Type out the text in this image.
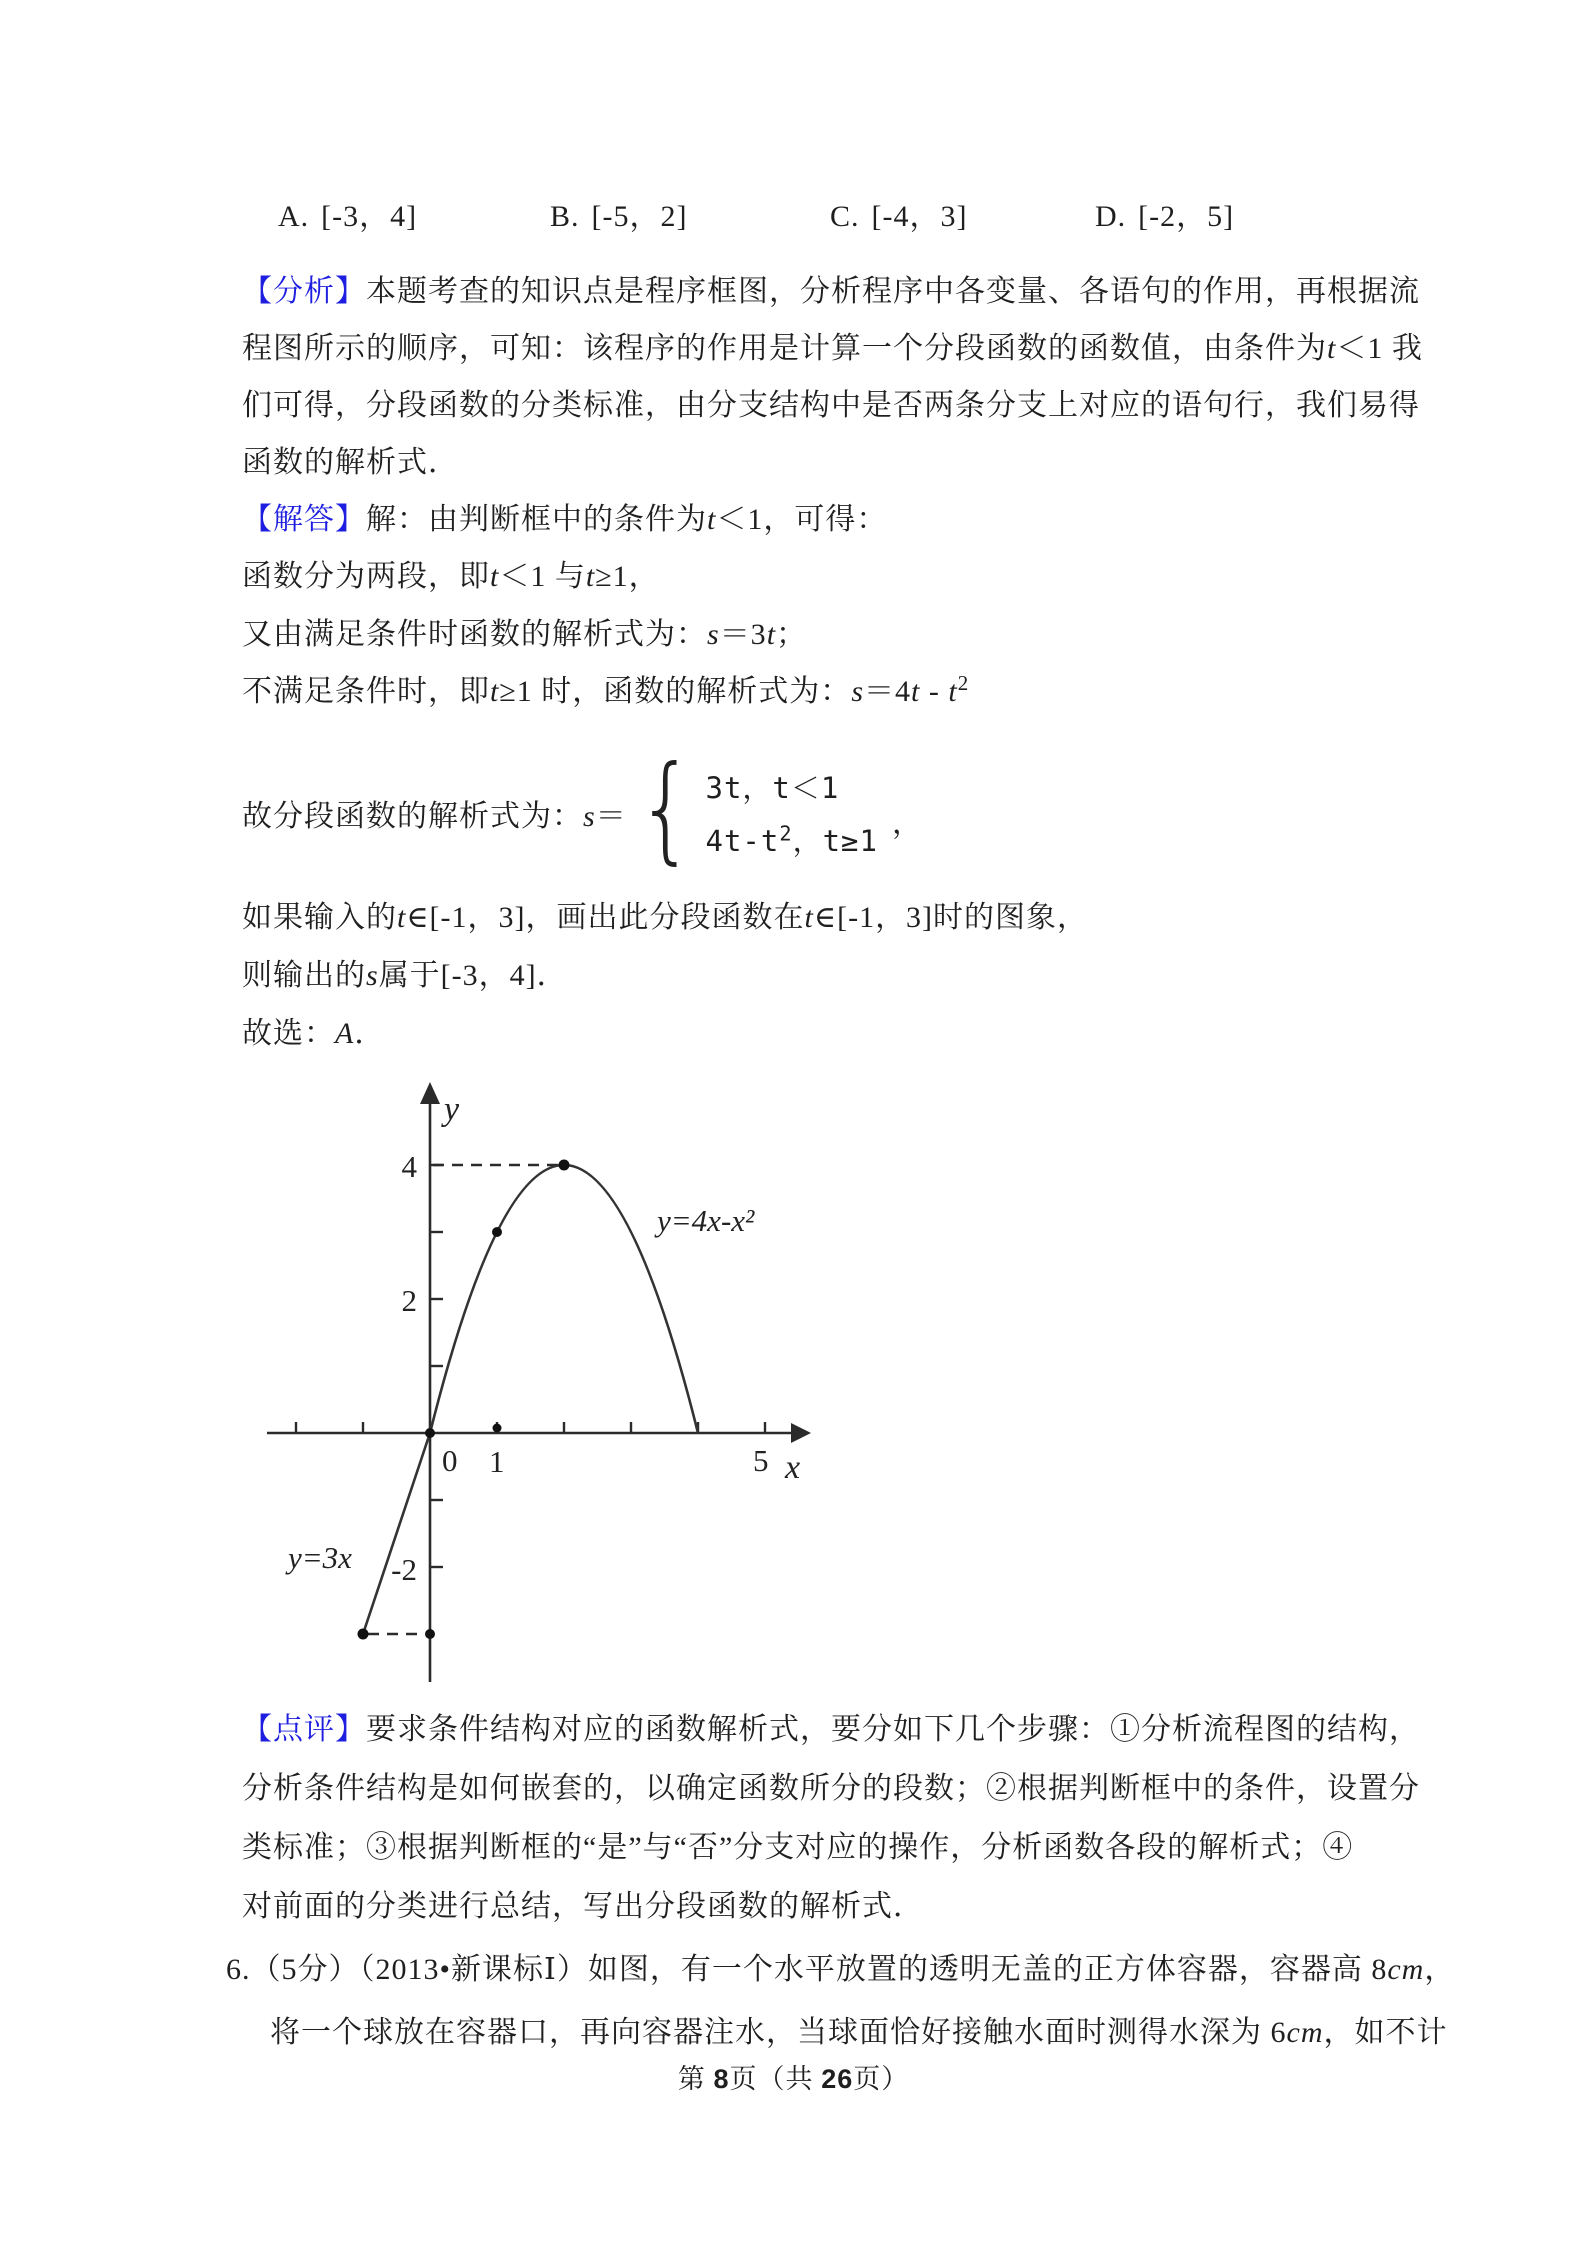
A. [-3，4]	B. [-5，2]	C. [-4，3]	D. [-2，5]
【分析】本题考查的知识点是程序框图，分析程序中各变量、各语句的作用，再根据流
程图所示的顺序，可知：该程序的作用是计算一个分段函数的函数值，由条件为t＜1 我
们可得，分段函数的分类标准，由分支结构中是否两条分支上对应的语句行，我们易得
函数的解析式．
【解答】解：由判断框中的条件为t＜1，可得：
函数分为两段，即t＜1 与t≥1，
又由满足条件时函数的解析式为：s＝3t；
不满足条件时，即t≥1 时，函数的解析式为：$s=4t - t^2$
故分段函数的解析式为：s＝ { 3t，t＜1
$4t-t^2$，t≥1
，
如果输入的t∈[-1，3]，画出此分段函数在t∈[-1，3]时的图象，
则输出的s属于[-3，4]．
故选：A．
y
x
4
2
-2
0 1	5
y=4x-x²
y=3x
【点评】要求条件结构对应的函数解析式，要分如下几个步骤：①分析流程图的结构，
分析条件结构是如何嵌套的，以确定函数所分的段数；②根据判断框中的条件，设置分
类标准；③根据判断框的“是”与“否”分支对应的操作，分析函数各段的解析式；④
对前面的分类进行总结，写出分段函数的解析式．
6.（5分）（2013•新课标Ⅰ）如图，有一个水平放置的透明无盖的正方体容器，容器高 8cm，
将一个球放在容器口，再向容器注水，当球面恰好接触水面时测得水深为 6cm，如不计
第 8页（共 26页）
